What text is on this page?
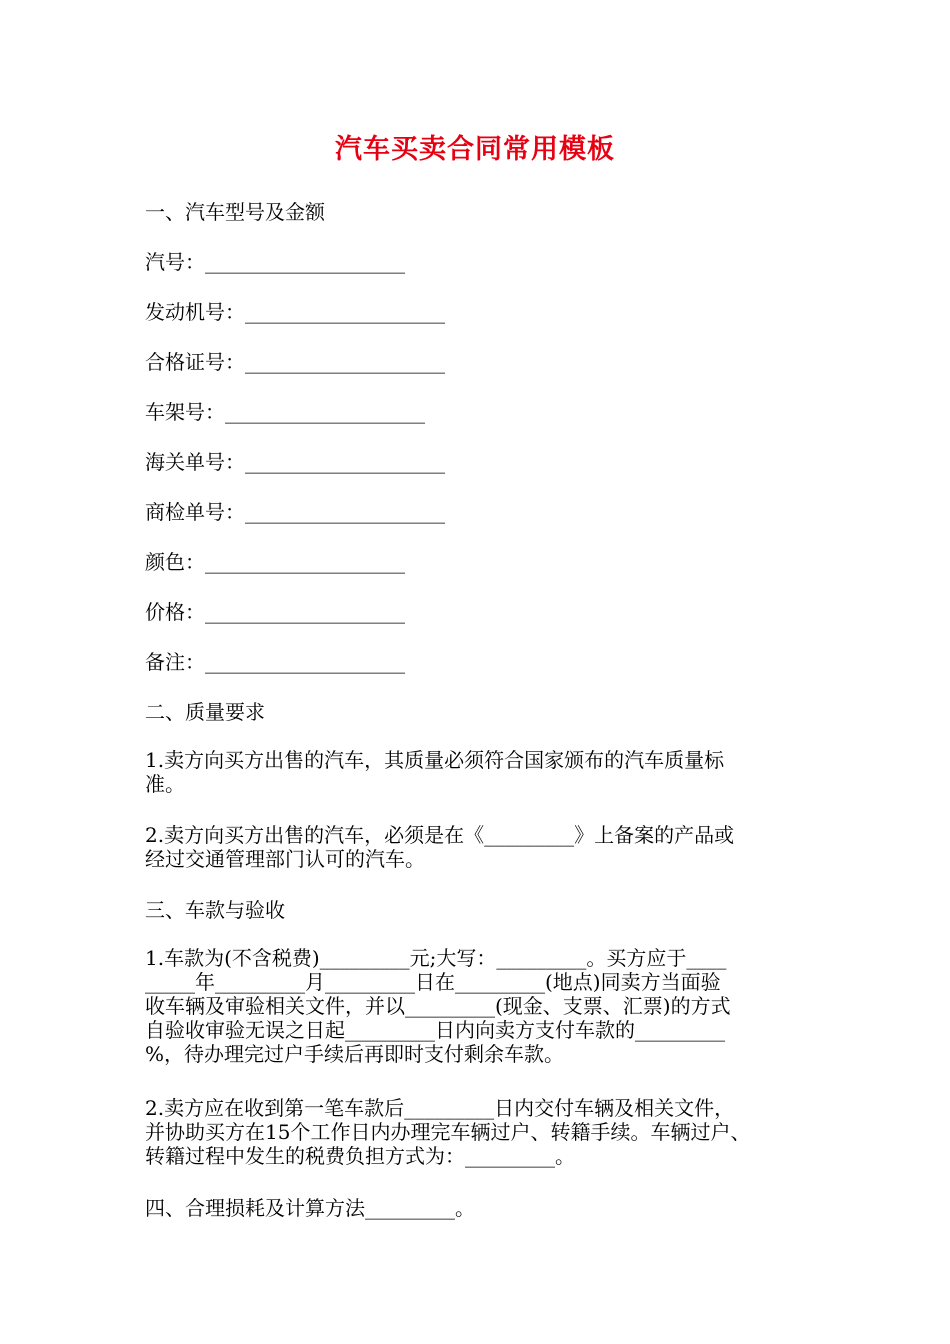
汽车买卖合同常用模板
一、汽车型号及金额
汽号：____________________
发动机号：____________________
合格证号：____________________
车架号：____________________
海关单号：____________________
商检单号：____________________
颜色：____________________
价格：____________________
备注：____________________
二、质量要求
1.卖方向买方出售的汽车，其质量必须符合国家颁布的汽车质量标
准。
2.卖方向买方出售的汽车，必须是在《_________》上备案的产品或
经过交通管理部门认可的汽车。
三、车款与验收
1.车款为(不含税费)_________元;大写：_________。买方应于____
_____年_________月_________日在_________(地点)同卖方当面验
收车辆及审验相关文件，并以_________(现金、支票、汇票)的方式
自验收审验无误之日起_________日内向卖方支付车款的_________
%，待办理完过户手续后再即时支付剩余车款。
2.卖方应在收到第一笔车款后_________日内交付车辆及相关文件，
并协助买方在15个工作日内办理完车辆过户、转籍手续。车辆过户、
转籍过程中发生的税费负担方式为：_________。
四、合理损耗及计算方法_________。
